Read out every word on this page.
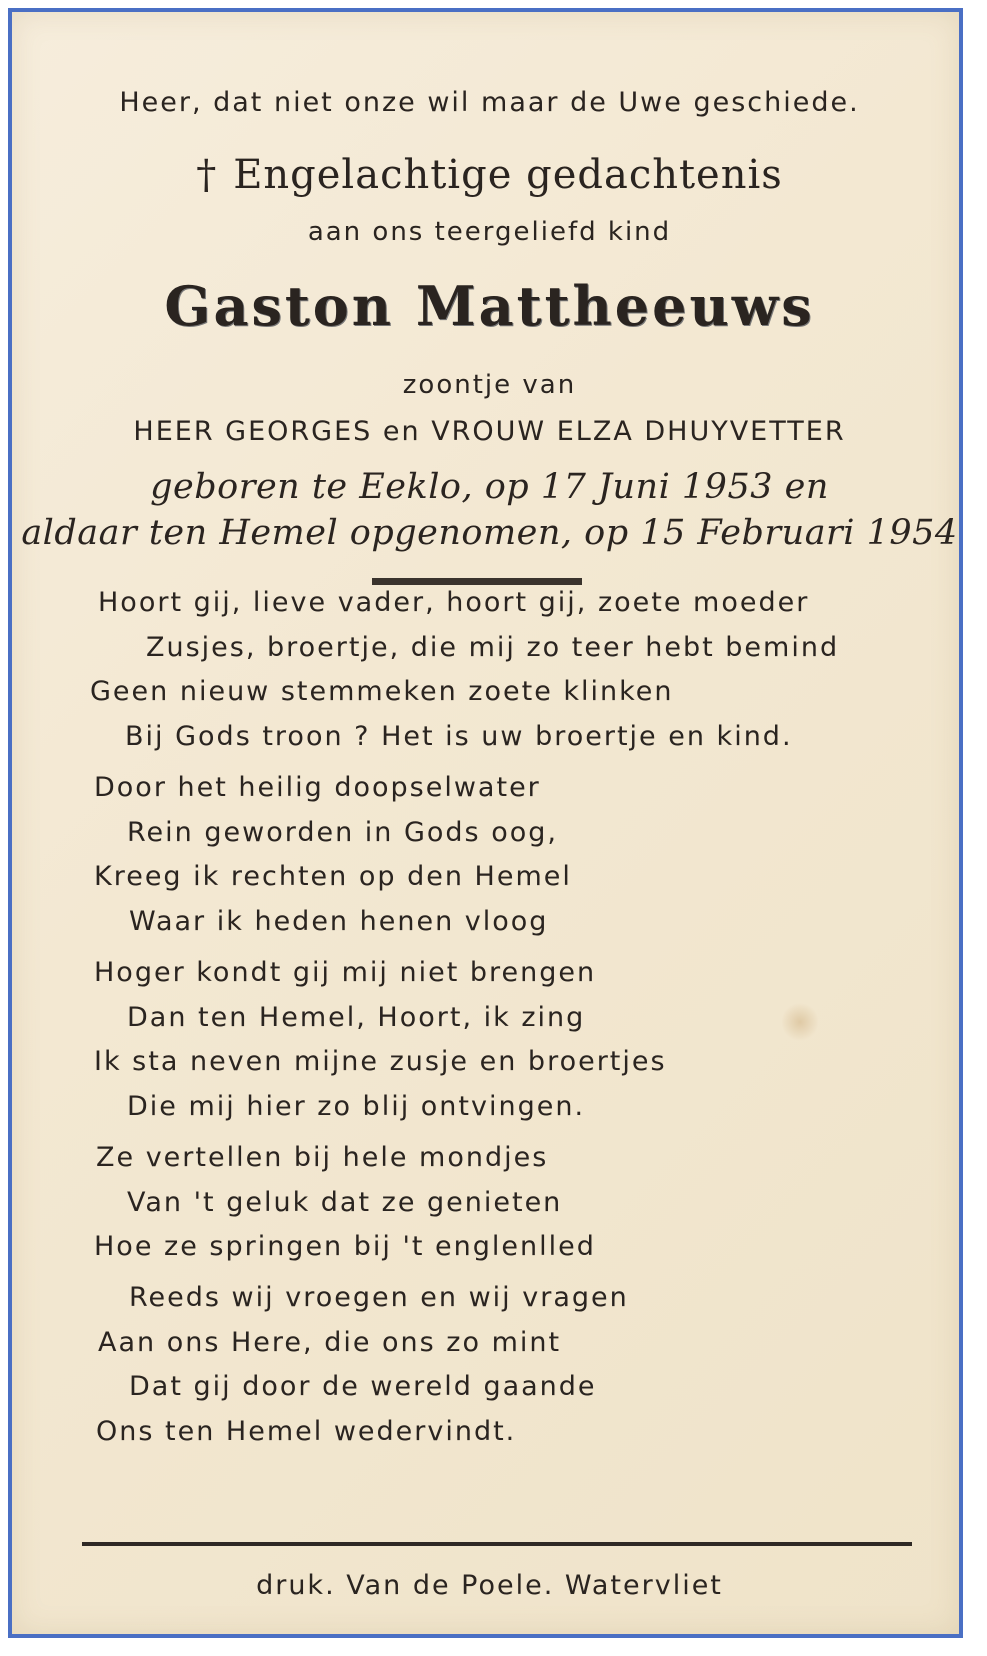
Heer, dat niet onze wil maar de Uwe geschiede.
† Engelachtige gedachtenis
aan ons teergeliefd kind
Gaston Mattheeuws
zoontje van
HEER GEORGES en VROUW ELZA DHUYVETTER
geboren te Eeklo, op 17 Juni 1953 en
aldaar ten Hemel opgenomen, op 15 Februari 1954
Hoort gij, lieve vader, hoort gij, zoete moeder
Zusjes, broertje, die mij zo teer hebt bemind
Geen nieuw stemmeken zoete klinken
Bij Gods troon ? Het is uw broertje en kind.
Door het heilig doopselwater
Rein geworden in Gods oog,
Kreeg ik rechten op den Hemel
Waar ik heden henen vloog
Hoger kondt gij mij niet brengen
Dan ten Hemel, Hoort, ik zing
Ik sta neven mijne zusje en broertjes
Die mij hier zo blij ontvingen.
Ze vertellen bij hele mondjes
Van 't geluk dat ze genieten
Hoe ze springen bij 't englenlled
Reeds wij vroegen en wij vragen
Aan ons Here, die ons zo mint
Dat gij door de wereld gaande
Ons ten Hemel wedervindt.
druk. Van de Poele. Watervliet
